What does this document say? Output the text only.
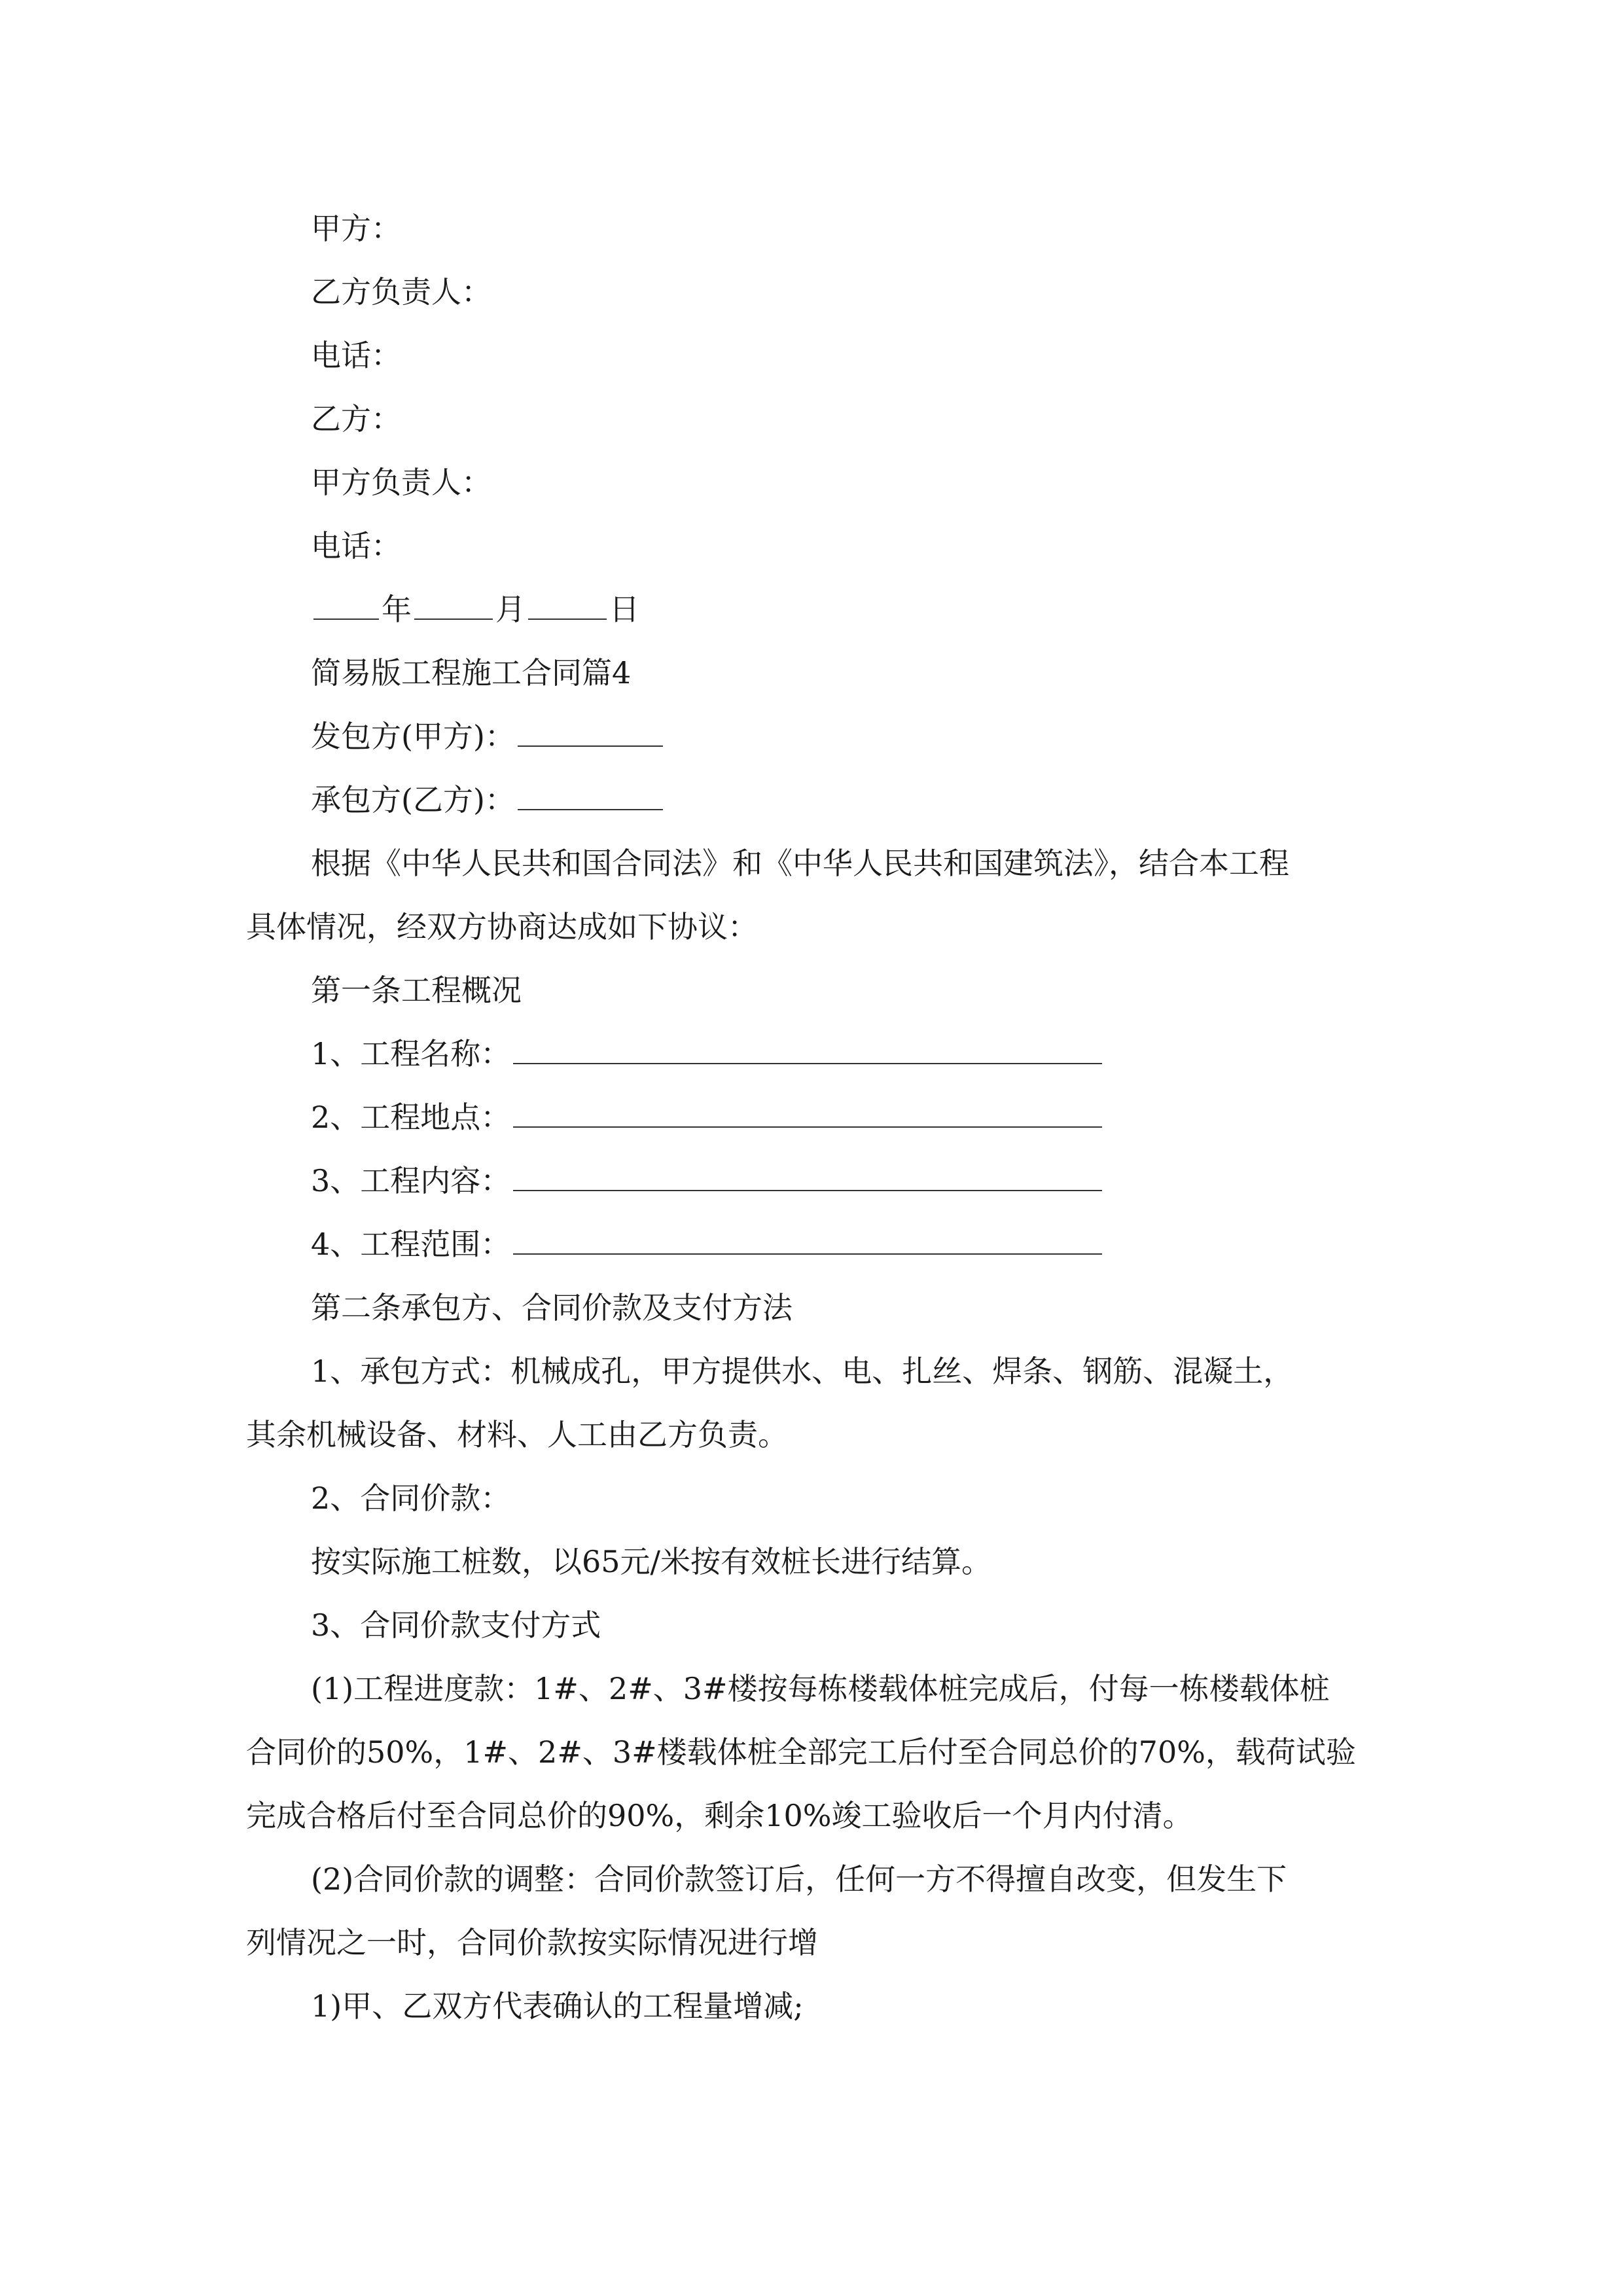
甲方：
乙方负责人：
电话：
乙方：
甲方负责人：
电话：
年	月	日
简易版工程施工合同篇4
发包方(甲方)：
承包方(乙方)：
根据《中华人民共和国合同法》和《中华人民共和国建筑法》，结合本工程
具体情况，经双方协商达成如下协议：
第一条工程概况
1、工程名称：
2、工程地点：
3、工程内容：
4、工程范围：
第二条承包方、合同价款及支付方法
1、承包方式：机械成孔，甲方提供水、电、扎丝、焊条、钢筋、混凝土，
其余机械设备、材料、人工由乙方负责。
2、合同价款：
按实际施工桩数，以65元/米按有效桩长进行结算。
3、合同价款支付方式
(1)工程进度款：1#、2#、3#楼按每栋楼载体桩完成后，付每一栋楼载体桩
合同价的50%，1#、2#、3#楼载体桩全部完工后付至合同总价的70%，载荷试验
完成合格后付至合同总价的90%，剩余10%竣工验收后一个月内付清。
(2)合同价款的调整：合同价款签订后，任何一方不得擅自改变，但发生下
列情况之一时，合同价款按实际情况进行增
1)甲、乙双方代表确认的工程量增减;
